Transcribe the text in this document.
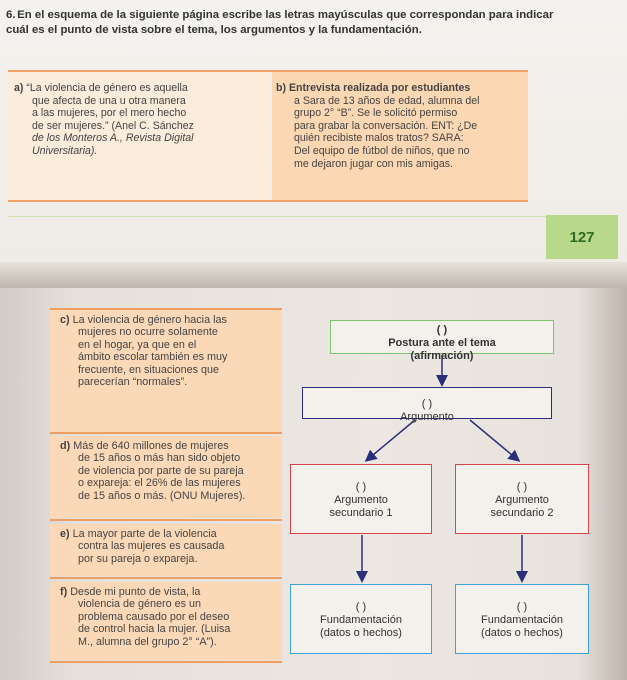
6. En el esquema de la siguiente página escribe las letras mayúsculas que correspondan para indicar cuál es el punto de vista sobre el tema, los argumentos y la fundamentación.
a) “La violencia de género es aquella
que afecta de una u otra manera
a las mujeres, por el mero hecho
de ser mujeres.” (Anel C. Sánchez
de los Monteros A., Revista Digital
Universitaria).
b) Entrevista realizada por estudiantes
a Sara de 13 años de edad, alumna del
grupo 2° “B”. Se le solicitó permiso
para grabar la conversación. ENT: ¿De
quién recibiste malos tratos? SARA:
Del equipo de fútbol de niños, que no
me dejaron jugar con mis amigas.
127
c) La violencia de género hacia las
mujeres no ocurre solamente
en el hogar, ya que en el
ámbito escolar también es muy
frecuente, en situaciones que
parecerían “normales”.
d) Más de 640 millones de mujeres
de 15 años o más han sido objeto
de violencia por parte de su pareja
o expareja: el 26% de las mujeres
de 15 años o más. (ONU Mujeres).
e) La mayor parte de la violencia
contra las mujeres es causada
por su pareja o expareja.
f) Desde mi punto de vista, la
violencia de género es un
problema causado por el deseo
de control hacia la mujer. (Luisa
M., alumna del grupo 2° “A”).
( )
Postura ante el tema
(afirmación)
( )
Argumento
( )
Argumento
secundario 1
( )
Argumento
secundario 2
( )
Fundamentación
(datos o hechos)
( )
Fundamentación
(datos o hechos)
